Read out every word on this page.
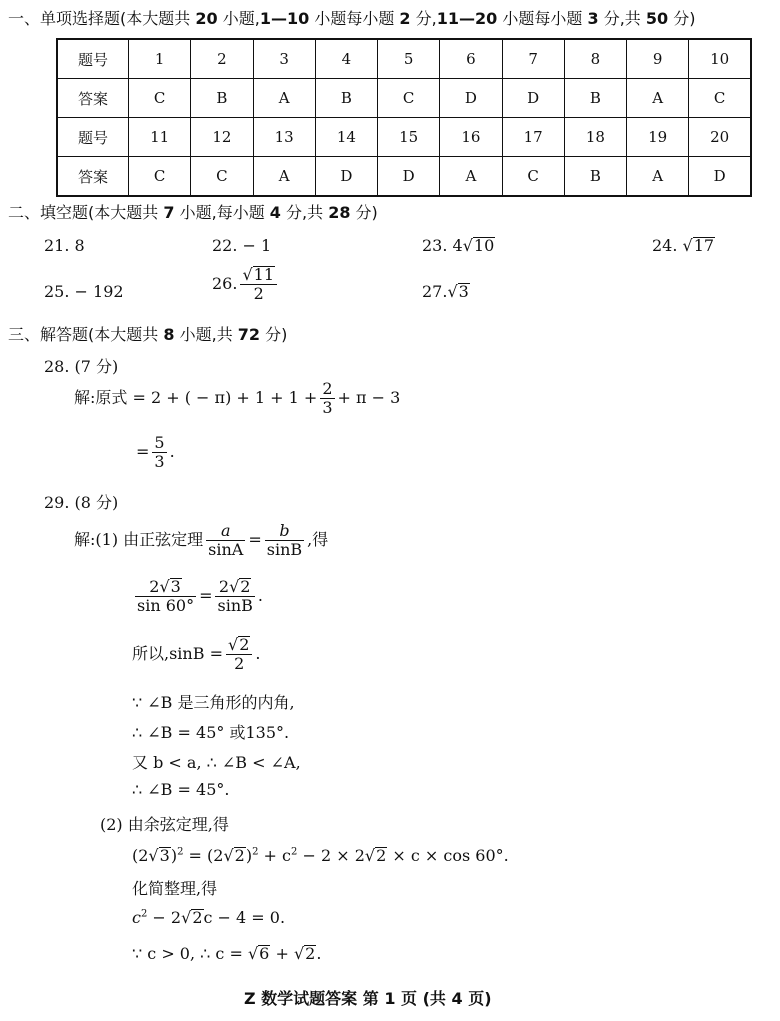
一、单项选择题(本大题共 20 小题,1—10 小题每小题 2 分,11—20 小题每小题 3 分,共 50 分)
题号	1	2	3	4	5	6	7	8	9	10
答案	C	B	A	B	C	D	D	B	A	C
题号	11	12	13	14	15	16	17	18	19	20
答案	C	C	A	D	D	A	C	B	A	D
二、填空题(本大题共 7 小题,每小题 4 分,共 28 分)
21. 8	22. − 1	23. 4√10	24. √17
25. − 192	26. $\frac{√11}{2}$	27.√3
三、解答题(本大题共 8 小题,共 72 分)
28. (7 分)
解:原式 = 2 + ( − $\pi) + 1 + 1 + \frac{2}{3} + \pi - 3$
= $\frac{5}{3}$ .
29. (8 分)
解:(1) 由正弦定理 $\frac{a}{\sin A} = \frac{b}{\sin B}$ ,得
$\frac{2√3}{\sin 60^\circ} = \frac{2√2}{\sin B}$ .
所以$,\sin B = \frac{√2}{2}$ .
∵ ∠B 是三角形的内角,
∴ ∠B = 45° 或135°.
又 b < a, ∴ ∠B < ∠A,
∴ ∠B = 45°.
(2) 由余弦定理,得
$(2√3)^2 = (2√2)^2 + c^2 - 2 \times 2√2 \times c \times \cos 60^\circ$.
化简整理,得
$c^2 - 2√2c - 4 = 0$.
∵ c > 0, ∴ c = √6 + √2.
Z 数学试题答案 第 1 页 (共 4 页)
